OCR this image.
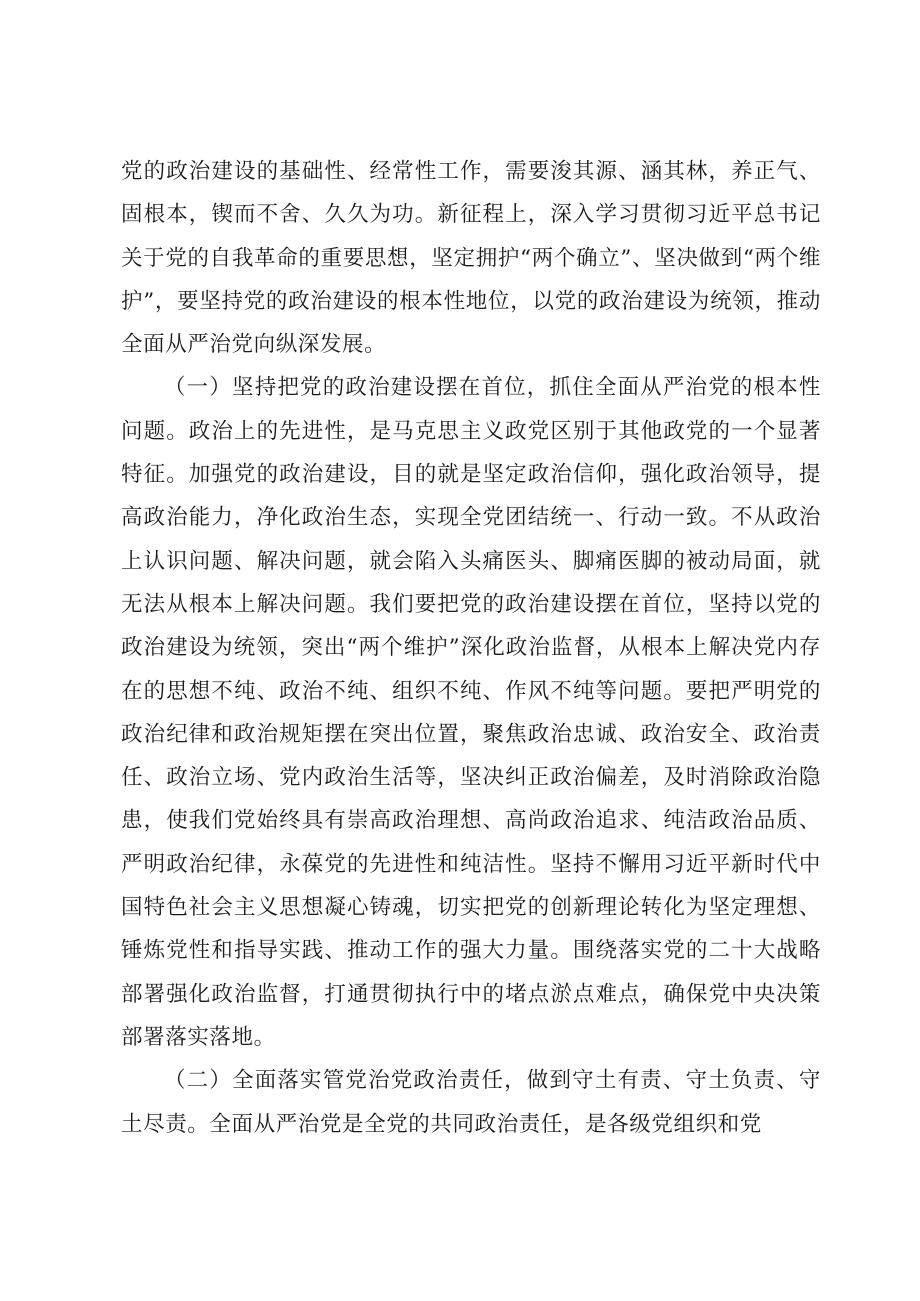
党的政治建设的基础性、经常性工作，需要浚其源、涵其林，养正气、固根本，锲而不舍、久久为功。新征程上，深入学习贯彻习近平总书记关于党的自我革命的重要思想，坚定拥护“两个确立”、坚决做到“两个维护”，要坚持党的政治建设的根本性地位，以党的政治建设为统领，推动全面从严治党向纵深发展。

（一）坚持把党的政治建设摆在首位，抓住全面从严治党的根本性问题。政治上的先进性，是马克思主义政党区别于其他政党的一个显著特征。加强党的政治建设，目的就是坚定政治信仰，强化政治领导，提高政治能力，净化政治生态，实现全党团结统一、行动一致。不从政治上认识问题、解决问题，就会陷入头痛医头、脚痛医脚的被动局面，就无法从根本上解决问题。我们要把党的政治建设摆在首位，坚持以党的政治建设为统领，突出“两个维护”深化政治监督，从根本上解决党内存在的思想不纯、政治不纯、组织不纯、作风不纯等问题。要把严明党的政治纪律和政治规矩摆在突出位置，聚焦政治忠诚、政治安全、政治责任、政治立场、党内政治生活等，坚决纠正政治偏差，及时消除政治隐患，使我们党始终具有崇高政治理想、高尚政治追求、纯洁政治品质、严明政治纪律，永葆党的先进性和纯洁性。坚持不懈用习近平新时代中国特色社会主义思想凝心铸魂，切实把党的创新理论转化为坚定理想、锤炼党性和指导实践、推动工作的强大力量。围绕落实党的二十大战略部署强化政治监督，打通贯彻执行中的堵点淤点难点，确保党中央决策部署落实落地。

（二）全面落实管党治党政治责任，做到守土有责、守土负责、守土尽责。全面从严治党是全党的共同政治责任，是各级党组织和党
